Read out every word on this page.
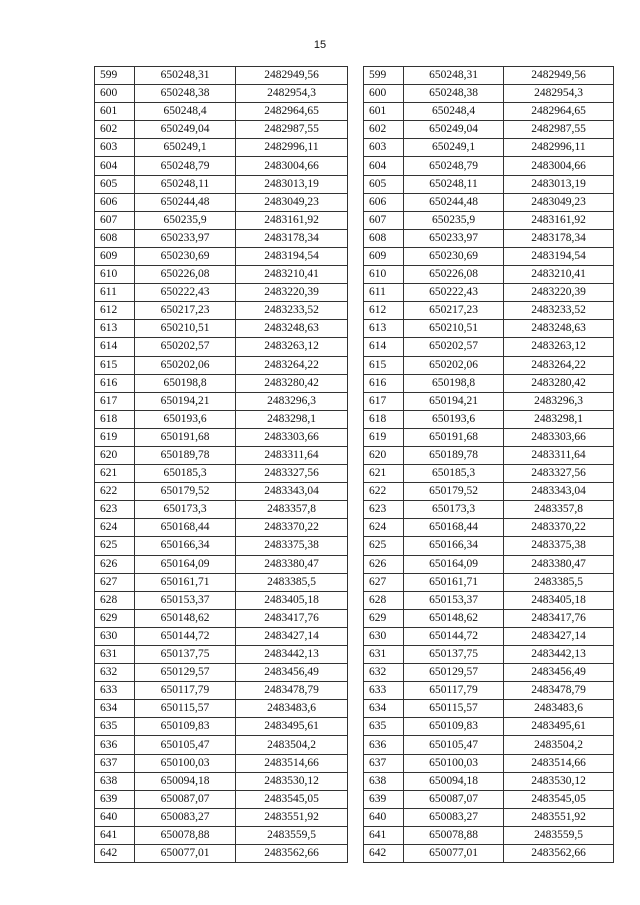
15
599	650248,31	2482949,56
600	650248,38	2482954,3
601	650248,4	2482964,65
602	650249,04	2482987,55
603	650249,1	2482996,11
604	650248,79	2483004,66
605	650248,11	2483013,19
606	650244,48	2483049,23
607	650235,9	2483161,92
608	650233,97	2483178,34
609	650230,69	2483194,54
610	650226,08	2483210,41
611	650222,43	2483220,39
612	650217,23	2483233,52
613	650210,51	2483248,63
614	650202,57	2483263,12
615	650202,06	2483264,22
616	650198,8	2483280,42
617	650194,21	2483296,3
618	650193,6	2483298,1
619	650191,68	2483303,66
620	650189,78	2483311,64
621	650185,3	2483327,56
622	650179,52	2483343,04
623	650173,3	2483357,8
624	650168,44	2483370,22
625	650166,34	2483375,38
626	650164,09	2483380,47
627	650161,71	2483385,5
628	650153,37	2483405,18
629	650148,62	2483417,76
630	650144,72	2483427,14
631	650137,75	2483442,13
632	650129,57	2483456,49
633	650117,79	2483478,79
634	650115,57	2483483,6
635	650109,83	2483495,61
636	650105,47	2483504,2
637	650100,03	2483514,66
638	650094,18	2483530,12
639	650087,07	2483545,05
640	650083,27	2483551,92
641	650078,88	2483559,5
642	650077,01	2483562,66
599	650248,31	2482949,56
600	650248,38	2482954,3
601	650248,4	2482964,65
602	650249,04	2482987,55
603	650249,1	2482996,11
604	650248,79	2483004,66
605	650248,11	2483013,19
606	650244,48	2483049,23
607	650235,9	2483161,92
608	650233,97	2483178,34
609	650230,69	2483194,54
610	650226,08	2483210,41
611	650222,43	2483220,39
612	650217,23	2483233,52
613	650210,51	2483248,63
614	650202,57	2483263,12
615	650202,06	2483264,22
616	650198,8	2483280,42
617	650194,21	2483296,3
618	650193,6	2483298,1
619	650191,68	2483303,66
620	650189,78	2483311,64
621	650185,3	2483327,56
622	650179,52	2483343,04
623	650173,3	2483357,8
624	650168,44	2483370,22
625	650166,34	2483375,38
626	650164,09	2483380,47
627	650161,71	2483385,5
628	650153,37	2483405,18
629	650148,62	2483417,76
630	650144,72	2483427,14
631	650137,75	2483442,13
632	650129,57	2483456,49
633	650117,79	2483478,79
634	650115,57	2483483,6
635	650109,83	2483495,61
636	650105,47	2483504,2
637	650100,03	2483514,66
638	650094,18	2483530,12
639	650087,07	2483545,05
640	650083,27	2483551,92
641	650078,88	2483559,5
642	650077,01	2483562,66
